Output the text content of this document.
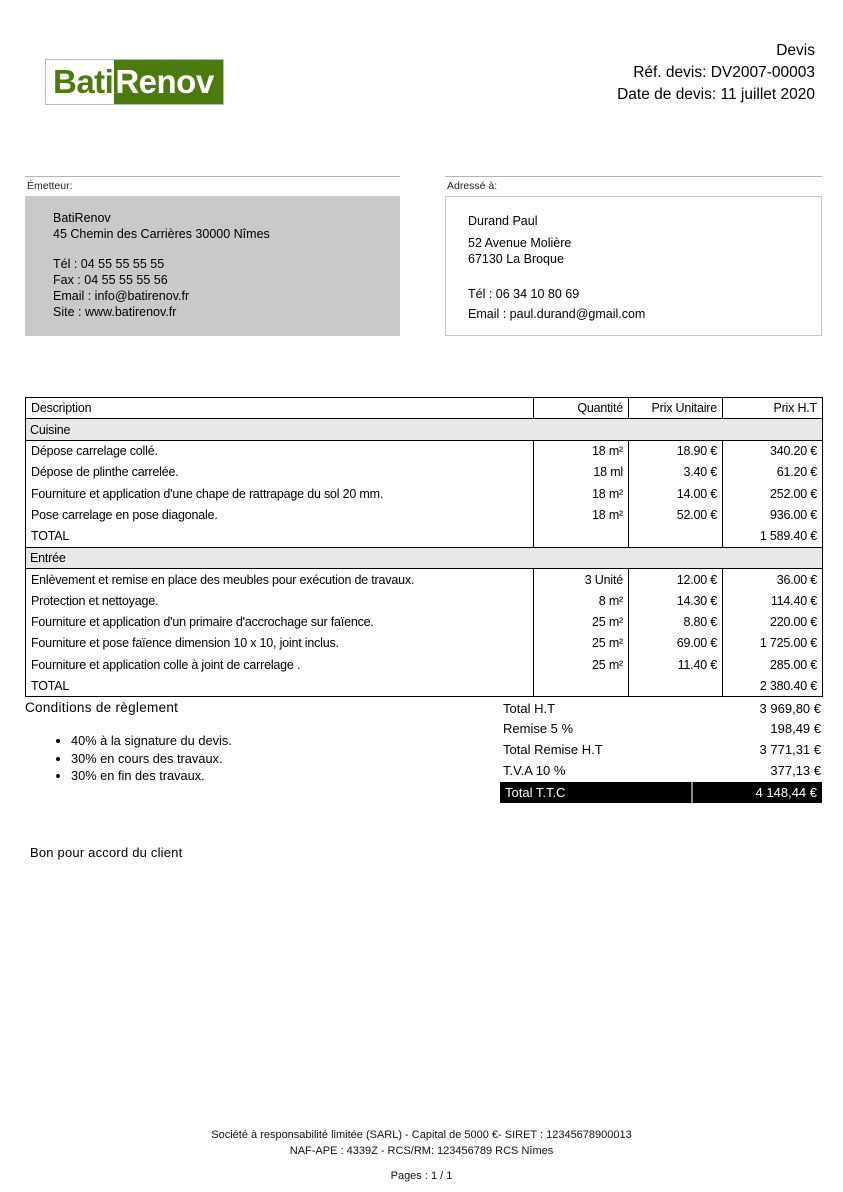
Bati Renov
Devis
Réf. devis: DV2007-00003
Date de devis: 11 juillet 2020
Émetteur:
BatiRenov
45 Chemin des Carrières 30000 Nîmes
Tél : 04 55 55 55 55
Fax : 04 55 55 55 56
Email : info@batirenov.fr
Site : www.batirenov.fr
Adressé à:
Durand Paul
52 Avenue Molière
67130 La Broque
Tél : 06 34 10 80 69
Email : paul.durand@gmail.com
Description	Quantité	Prix Unitaire	Prix H.T
Cuisine			
Dépose carrelage collé.	18 m²	18.90 €	340.20 €
Dépose de plinthe carrelée.	18 ml	3.40 €	61.20 €
Fourniture et application d'une chape de rattrapage du sol 20 mm.	18 m²	14.00 €	252.00 €
Pose carrelage en pose diagonale.	18 m²	52.00 €	936.00 €
TOTAL			1 589.40 €
Entrée			
Enlèvement et remise en place des meubles pour exécution de travaux.	3 Unité	12.00 €	36.00 €
Protection et nettoyage.	8 m²	14.30 €	114.40 €
Fourniture et application d'un primaire d'accrochage sur faïence.	25 m²	8.80 €	220.00 €
Fourniture et pose faïence dimension 10 x 10, joint inclus.	25 m²	69.00 €	1 725.00 €
Fourniture et application colle à joint de carrelage .	25 m²	11.40 €	285.00 €
TOTAL			2 380.40 €
Conditions de règlement
• 40% à la signature du devis.
• 30% en cours des travaux.
• 30% en fin des travaux.
Total H.T	3 969,80 €
Remise 5 %	198,49 €
Total Remise H.T	3 771,31 €
T.V.A 10 %	377,13 €
Total T.T.C	4 148,44 €
Bon pour accord du client
Société à responsabilité limitée (SARL) - Capital de 5000 €- SIRET : 12345678900013
NAF-APE : 4339Z - RCS/RM: 123456789 RCS Nîmes
Pages : 1 / 1
